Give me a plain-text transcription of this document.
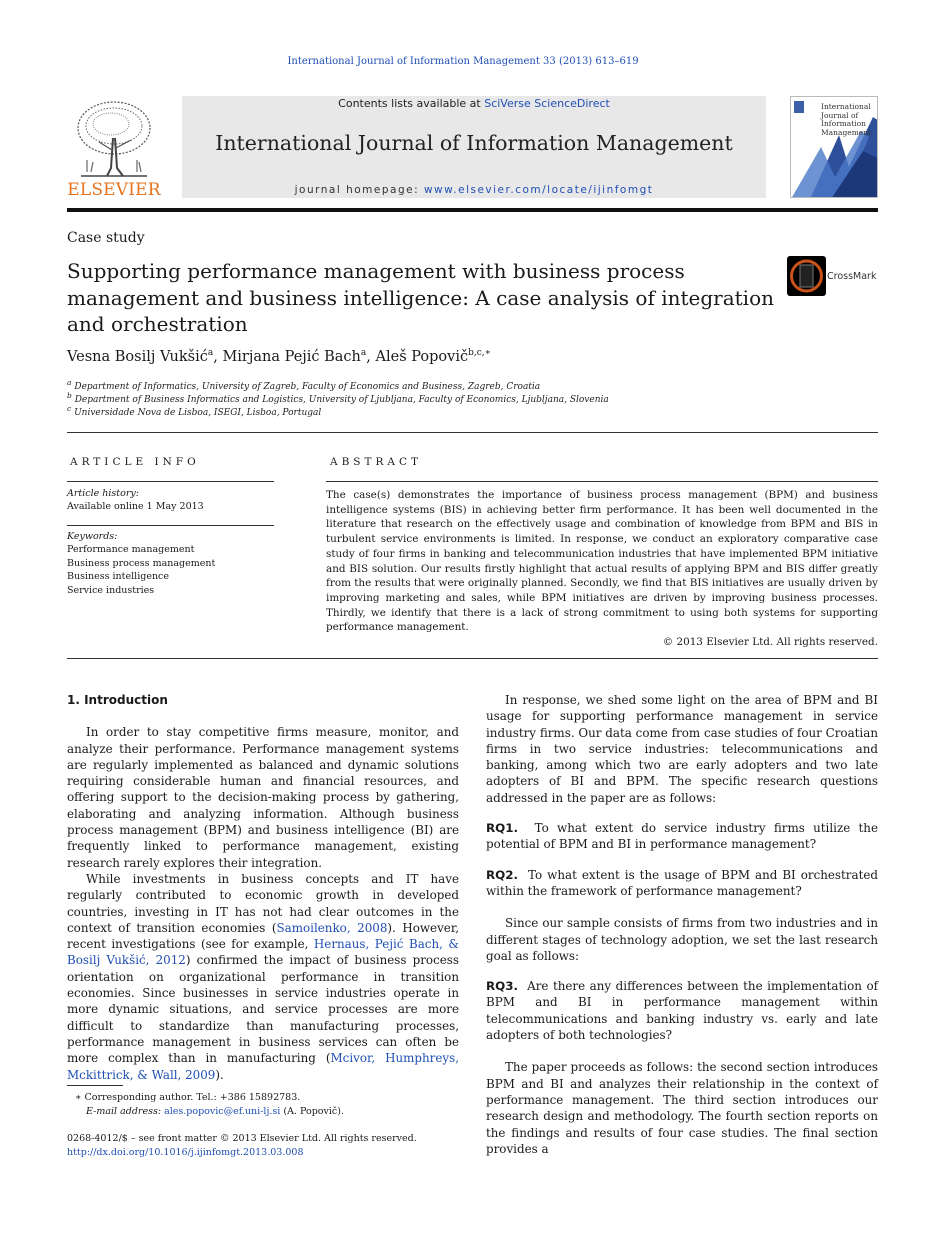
International Journal of Information Management 33 (2013) 613–619
ELSEVIER
Contents lists available at SciVerse ScienceDirect
International Journal of Information Management
journal homepage: www.elsevier.com/locate/ijinfomgt
International Journal of Information Management
Case study
Supporting performance management with business process management and business intelligence: A case analysis of integration and orchestration
CrossMark
Vesna Bosilj Vukšić$^a$, Mirjana Pejić Bach$^a$, Aleš Popovič$^{b,c,∗}$
$^a$ Department of Informatics, University of Zagreb, Faculty of Economics and Business, Zagreb, Croatia
$^b$ Department of Business Informatics and Logistics, University of Ljubljana, Faculty of Economics, Ljubljana, Slovenia
$^c$ Universidade Nova de Lisboa, ISEGI, Lisboa, Portugal
ARTICLE INFO	ABSTRACT
Article history:
Available online 1 May 2013
Keywords:
Performance management
Business process management
Business intelligence
Service industries
The case(s) demonstrates the importance of business process management (BPM) and business intelligence systems (BIS) in achieving better firm performance. It has been well documented in the literature that research on the effectively usage and combination of knowledge from BPM and BIS in turbulent service environments is limited. In response, we conduct an exploratory comparative case study of four firms in banking and telecommunication industries that have implemented BPM initiative and BIS solution. Our results firstly highlight that actual results of applying BPM and BIS differ greatly from the results that were originally planned. Secondly, we find that BIS initiatives are usually driven by improving marketing and sales, while BPM initiatives are driven by improving business processes. Thirdly, we identify that there is a lack of strong commitment to using both systems for supporting performance management.
© 2013 Elsevier Ltd. All rights reserved.

1. Introduction

In order to stay competitive firms measure, monitor, and analyze their performance. Performance management systems are regularly implemented as balanced and dynamic solutions requiring considerable human and financial resources, and offering support to the decision-making process by gathering, elaborating and analyzing information. Although business process management (BPM) and business intelligence (BI) are frequently linked to performance management, existing research rarely explores their integration.

While investments in business concepts and IT have regularly contributed to economic growth in developed countries, investing in IT has not had clear outcomes in the context of transition economies (Samoilenko, 2008). However, recent investigations (see for example, Hernaus, Pejić Bach, & Bosilj Vukšić, 2012) confirmed the impact of business process orientation on organizational performance in transition economies. Since businesses in service industries operate in more dynamic situations, and service processes are more difficult to standardize than manufacturing processes, performance management in business services can often be more complex than in manufacturing (Mcivor, Humphreys, Mckittrick, & Wall, 2009).

In response, we shed some light on the area of BPM and BI usage for supporting performance management in service industry firms. Our data come from case studies of four Croatian firms in two service industries: telecommunications and banking, among which two are early adopters and two late adopters of BI and BPM. The specific research questions addressed in the paper are as follows:

RQ1. To what extent do service industry firms utilize the potential of BPM and BI in performance management?

RQ2. To what extent is the usage of BPM and BI orchestrated within the framework of performance management?

Since our sample consists of firms from two industries and in different stages of technology adoption, we set the last research goal as follows:

RQ3. Are there any differences between the implementation of BPM and BI in performance management within telecommunications and banking industry vs. early and late adopters of both technologies?

The paper proceeds as follows: the second section introduces BPM and BI and analyzes their relationship in the context of performance management. The third section introduces our research design and methodology. The fourth section reports on the findings and results of four case studies. The final section provides a

∗ Corresponding author. Tel.: +386 15892783.
E-mail address: ales.popovic@ef.uni-lj.si (A. Popovič).
0268-4012/$ – see front matter © 2013 Elsevier Ltd. All rights reserved.
http://dx.doi.org/10.1016/j.ijinfomgt.2013.03.008
